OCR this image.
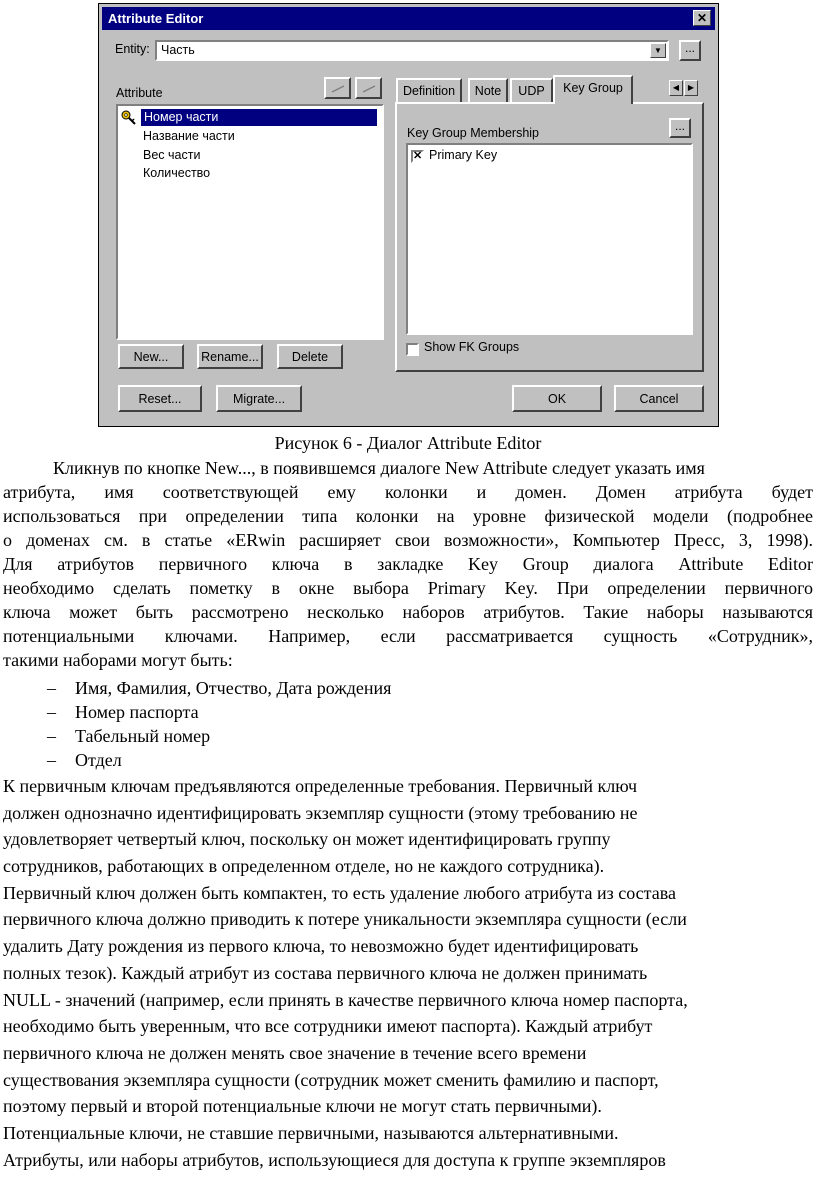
Attribute Editor	✕
Entity: Часть	▼	...
Attribute
Номер части
Название части
Вес части
Количество
New...	Rename...	Delete
Definition	Note	UDP	Key Group	◀	▶
Key Group Membership	...
✕ Primary Key
Show FK Groups
Reset...	Migrate...	OK	Cancel
Рисунок 6 - Диалог Attribute Editor
Кликнув по кнопке New..., в появившемся диалоге New Attribute следует указать имя
атрибута, имя соответствующей ему колонки и домен. Домен атрибута будет
использоваться при определении типа колонки на уровне физической модели (подробнее
о доменах см. в статье «ERwin расширяет свои возможности», Компьютер Пресс, 3, 1998).
Для атрибутов первичного ключа в закладке Key Group диалога Attribute Editor
необходимо сделать пометку в окне выбора Primary Key. При определении первичного
ключа может быть рассмотрено несколько наборов атрибутов. Такие наборы называются
потенциальными ключами. Например, если рассматривается сущность «Сотрудник»,
такими наборами могут быть:
– Имя, Фамилия, Отчество, Дата рождения
– Номер паспорта
– Табельный номер
– Отдел
К первичным ключам предъявляются определенные требования. Первичный ключ
должен однозначно идентифицировать экземпляр сущности (этому требованию не
удовлетворяет четвертый ключ, поскольку он может идентифицировать группу
сотрудников, работающих в определенном отделе, но не каждого сотрудника).
Первичный ключ должен быть компактен, то есть удаление любого атрибута из состава
первичного ключа должно приводить к потере уникальности экземпляра сущности (если
удалить Дату рождения из первого ключа, то невозможно будет идентифицировать
полных тезок). Каждый атрибут из состава первичного ключа не должен принимать
NULL - значений (например, если принять в качестве первичного ключа номер паспорта,
необходимо быть уверенным, что все сотрудники имеют паспорта). Каждый атрибут
первичного ключа не должен менять свое значение в течение всего времени
существования экземпляра сущности (сотрудник может сменить фамилию и паспорт,
поэтому первый и второй потенциальные ключи не могут стать первичными).
Потенциальные ключи, не ставшие первичными, называются альтернативными.
Атрибуты, или наборы атрибутов, использующиеся для доступа к группе экземпляров
